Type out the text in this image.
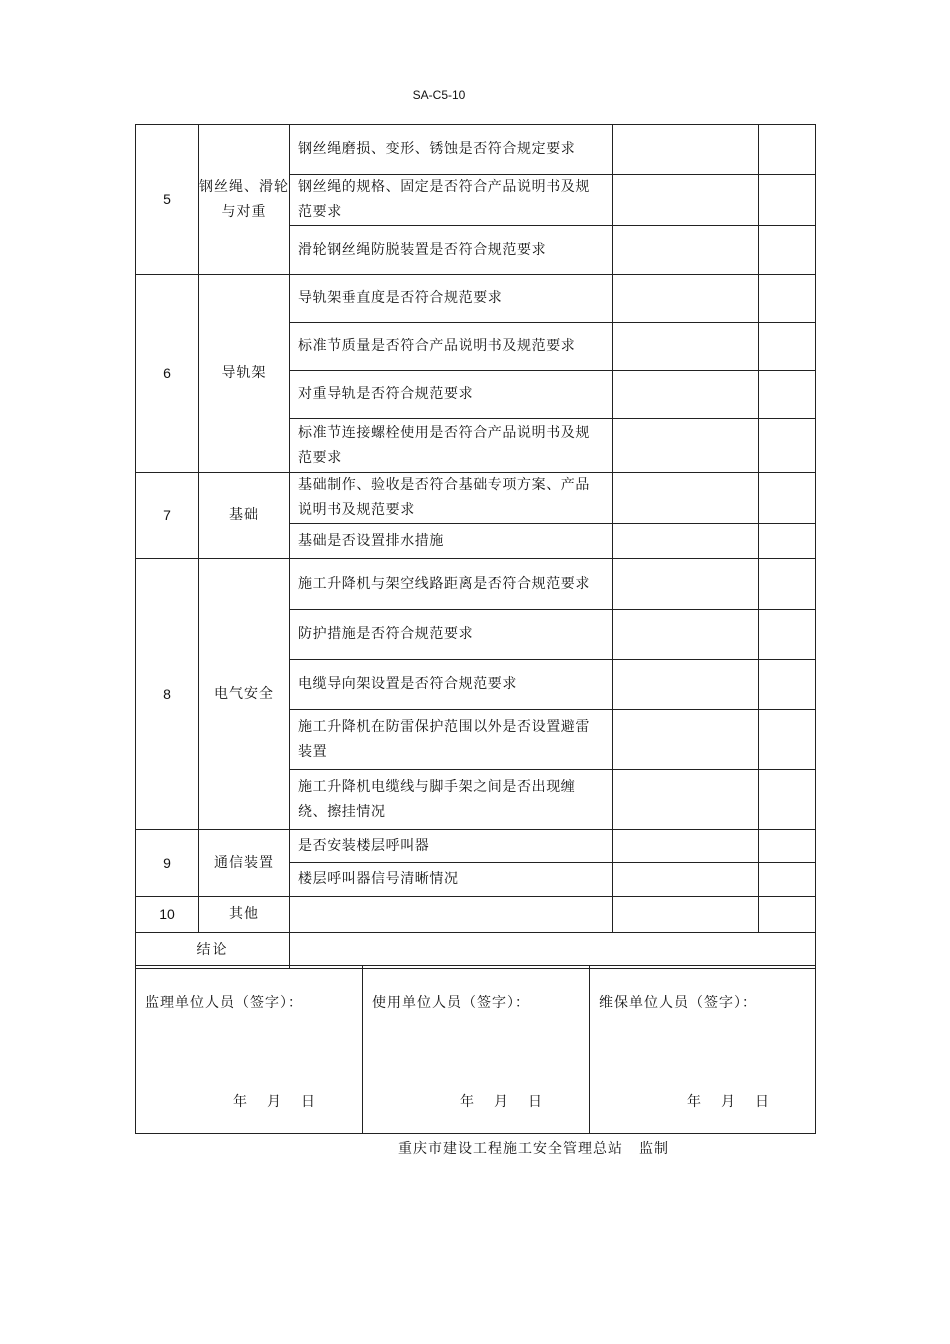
SA-C5-10
5	钢丝绳、滑轮与对重	钢丝绳磨损、变形、锈蚀是否符合规定要求		
		钢丝绳的规格、固定是否符合产品说明书及规范要求		
		滑轮钢丝绳防脱装置是否符合规范要求		
6	导轨架	导轨架垂直度是否符合规范要求		
		标准节质量是否符合产品说明书及规范要求		
		对重导轨是否符合规范要求		
		标准节连接螺栓使用是否符合产品说明书及规范要求		
7	基础	基础制作、验收是否符合基础专项方案、产品说明书及规范要求		
		基础是否设置排水措施		
8	电气安全	施工升降机与架空线路距离是否符合规范要求		
		防护措施是否符合规范要求		
		电缆导向架设置是否符合规范要求		
		施工升降机在防雷保护范围以外是否设置避雷装置		
		施工升降机电缆线与脚手架之间是否出现缠绕、擦挂情况		
9	通信装置	是否安装楼层呼叫器		
		楼层呼叫器信号清晰情况		
10	其他			
结论				
监理单位人员（签字）：
年 月 日

使用单位人员（签字）：
年 月 日

维保单位人员（签字）：
年 月 日
重庆市建设工程施工安全管理总站 监制
